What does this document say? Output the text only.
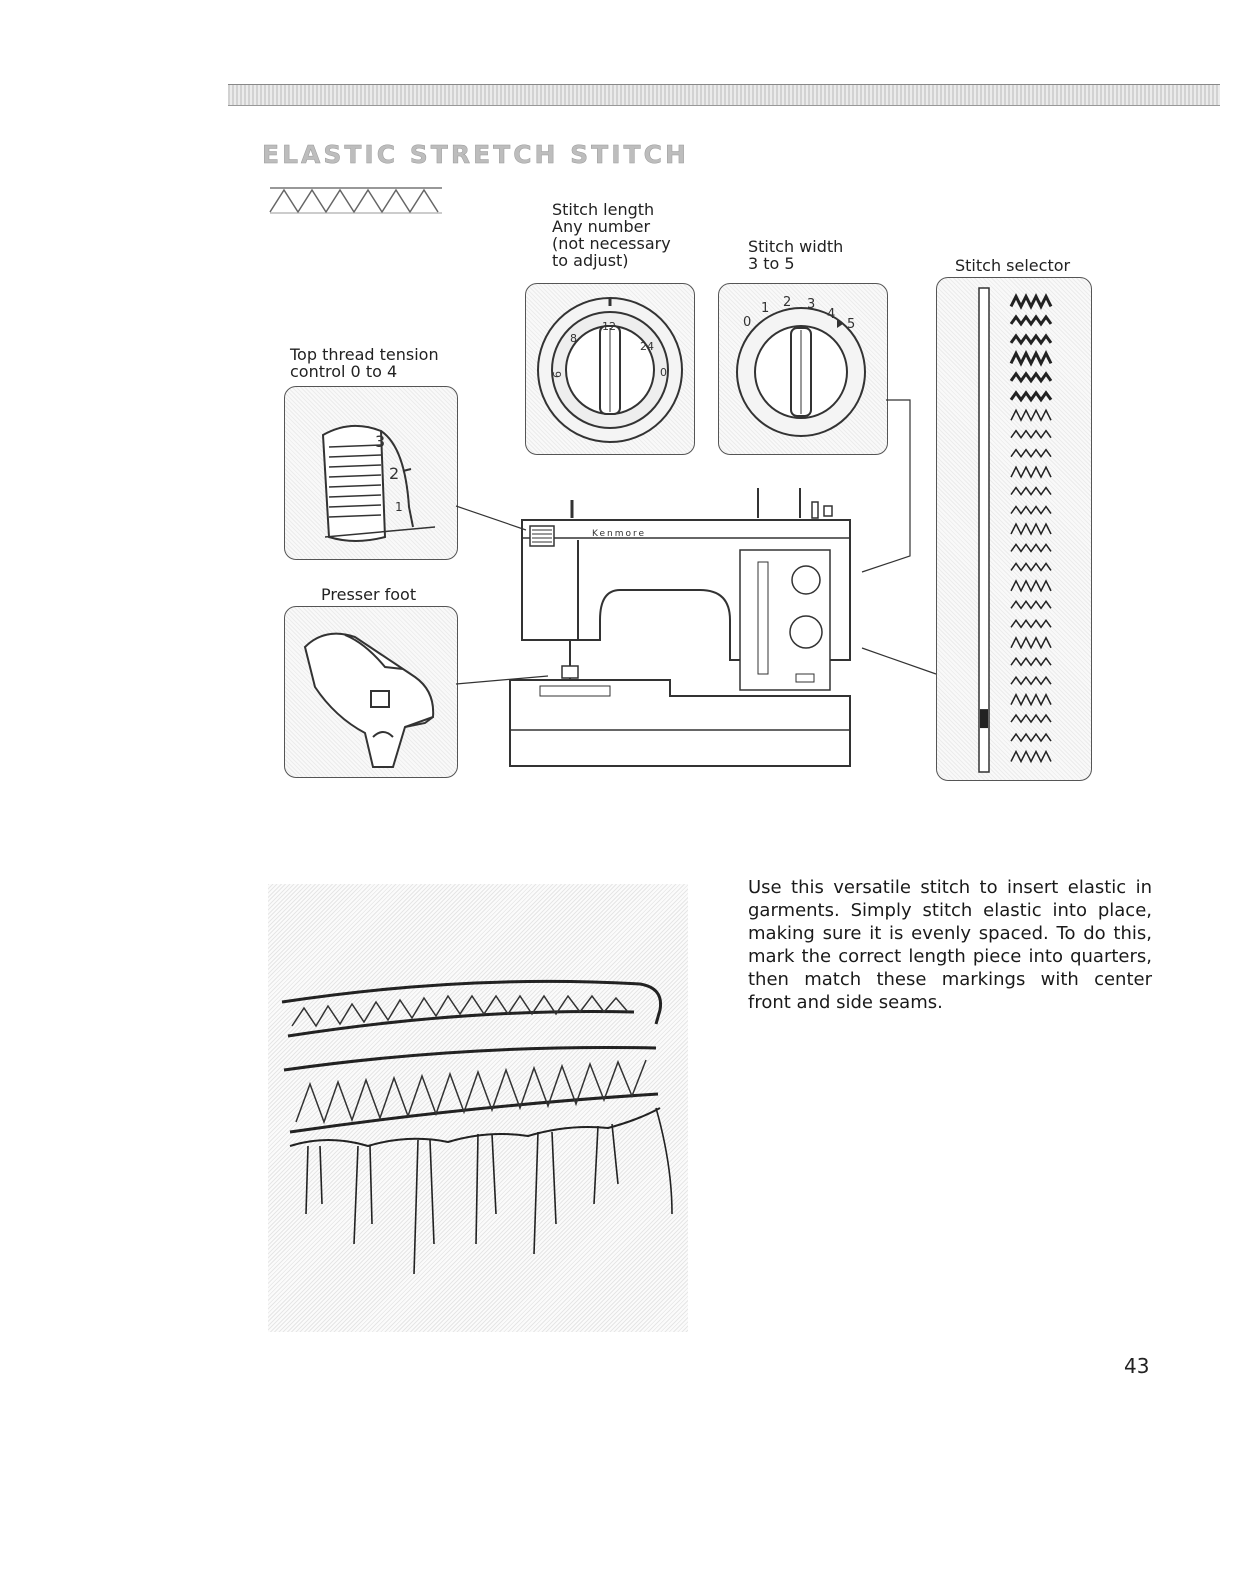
ELASTIC STRETCH STITCH
Stitch length
Any number
(not necessary
to adjust)
Stitch width
3 to 5	Stitch selector
Top thread tension
control 0 to 4
Presser foot
6
8
12
24
0
0
1 2 3
4
5
3
2
1
Kenmore
Use this versatile stitch to insert elastic in garments. Simply stitch elastic into place, making sure it is evenly spaced. To do this, mark the correct length piece into quarters, then match these markings with center front and side seams.
43
